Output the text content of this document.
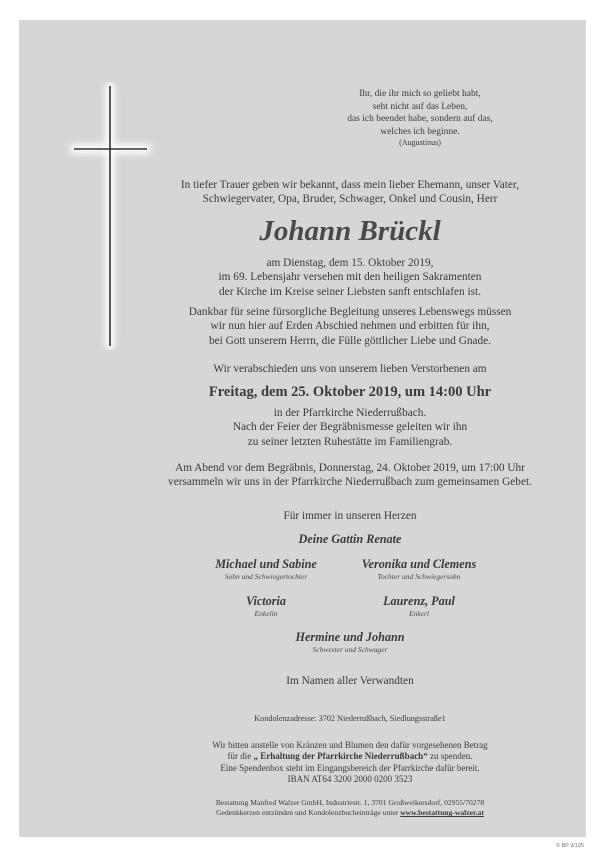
Ihr, die ihr mich so geliebt habt,
seht nicht auf das Leben,
das ich beendet habe, sondern auf das,
welches ich beginne.
(Augustinus)
In tiefer Trauer geben wir bekannt, dass mein lieber Ehemann, unser Vater,
Schwiegervater, Opa, Bruder, Schwager, Onkel und Cousin, Herr
Johann Brückl
am Dienstag, dem 15. Oktober 2019,
im 69. Lebensjahr versehen mit den heiligen Sakramenten
der Kirche im Kreise seiner Liebsten sanft entschlafen ist.
Dankbar für seine fürsorgliche Begleitung unseres Lebenswegs müssen
wir nun hier auf Erden Abschied nehmen und erbitten für ihn,
bei Gott unserem Herrn, die Fülle göttlicher Liebe und Gnade.
Wir verabschieden uns von unserem lieben Verstorbenen am
Freitag, dem 25. Oktober 2019, um 14:00 Uhr
in der Pfarrkirche Niederrußbach.
Nach der Feier der Begräbnismesse geleiten wir ihn
zu seiner letzten Ruhestätte im Familiengrab.
Am Abend vor dem Begräbnis, Donnerstag, 24. Oktober 2019, um 17:00 Uhr
versammeln wir uns in der Pfarrkirche Niederrußbach zum gemeinsamen Gebet.
Für immer in unseren Herzen
Deine Gattin Renate
Michael und Sabine
Sohn und Schwiegertochter
Veronika und Clemens
Tochter und Schwiegersohn
Victoria
Enkelin
Laurenz, Paul
Enkerl
Hermine und Johann
Schwester und Schwager
Im Namen aller Verwandten
Kondolenzadresse: 3702 Niederrußbach, Siedlungsstraße1
Wir bitten anstelle von Kränzen und Blumen den dafür vorgesehenen Betrag
für die „ Erhaltung der Pfarrkirche Niederrußbach“ zu spenden.
Eine Spendenbox steht im Eingangsbereich der Pfarrkirche dafür bereit.
IBAN AT64 3200 2000 0200 3523
Bestattung Manfred Walzer GmbH, Industriestr. 1, 3701 Großweikersdorf, 02955/70278
Gedenkkerzen entzünden und Kondolenzbucheinträge unter www.bestattung-walzer.at
© BP 9/105
